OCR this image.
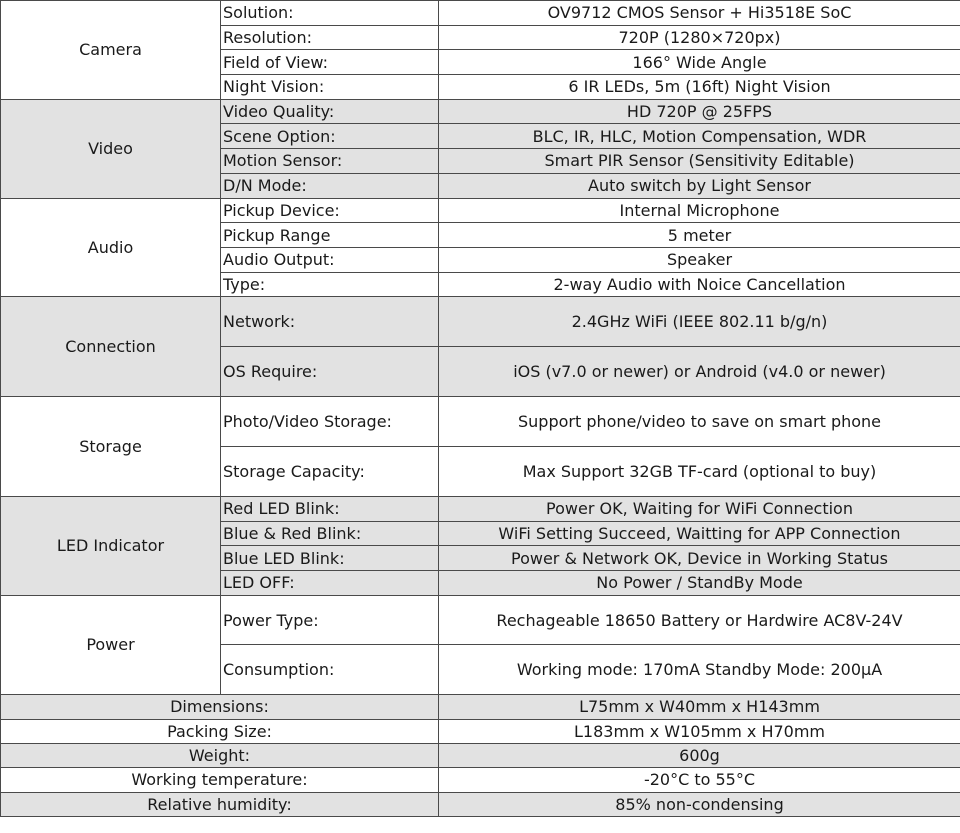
Camera	Solution:	OV9712 CMOS Sensor + Hi3518E SoC
	Resolution:	720P (1280×720px)
	Field of View:	166° Wide Angle
	Night Vision:	6 IR LEDs, 5m (16ft) Night Vision
Video	Video Quality:	HD 720P @ 25FPS
	Scene Option:	BLC, IR, HLC, Motion Compensation, WDR
	Motion Sensor:	Smart PIR Sensor (Sensitivity Editable)
	D/N Mode:	Auto switch by Light Sensor
Audio	Pickup Device:	Internal Microphone
	Pickup Range	5 meter
	Audio Output:	Speaker
	Type:	2-way Audio with Noice Cancellation
Connection	Network:	2.4GHz WiFi (IEEE 802.11 b/g/n)
	OS Require:	iOS (v7.0 or newer) or Android (v4.0 or newer)
Storage	Photo/Video Storage:	Support phone/video to save on smart phone
	Storage Capacity:	Max Support 32GB TF-card (optional to buy)
LED Indicator	Red LED Blink:	Power OK, Waiting for WiFi Connection
	Blue & Red Blink:	WiFi Setting Succeed, Waitting for APP Connection
	Blue LED Blink:	Power & Network OK, Device in Working Status
	LED OFF:	No Power / StandBy Mode
Power	Power Type:	Rechageable 18650 Battery or Hardwire AC8V-24V
	Consumption:	Working mode: 170mA Standby Mode: 200μA
Dimensions:		L75mm x W40mm x H143mm
Packing Size:		L183mm x W105mm x H70mm
Weight:		600g
Working temperature:		-20°C to 55°C
Relative humidity:		85% non-condensing
